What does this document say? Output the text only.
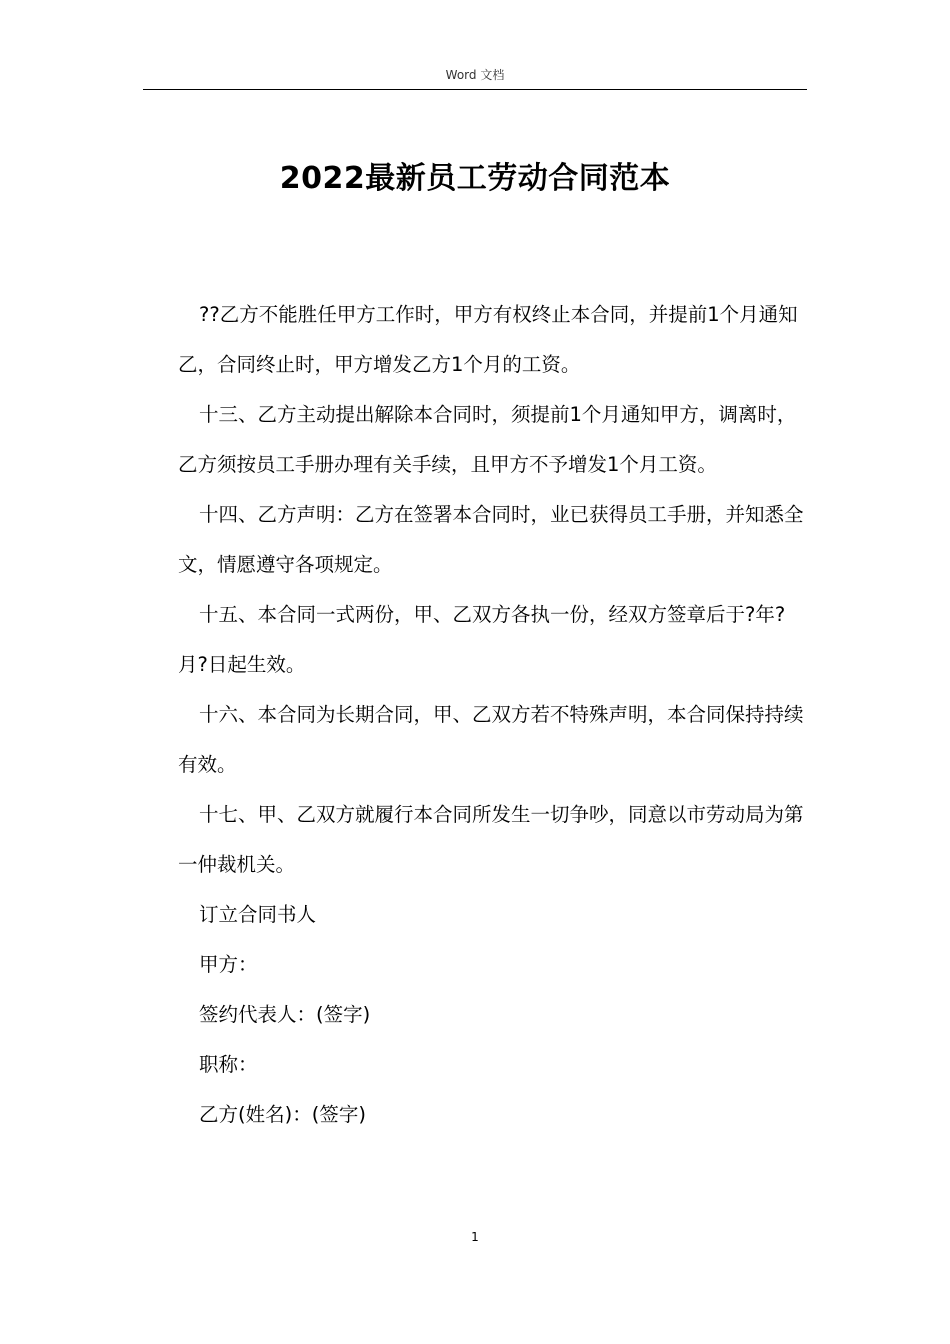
Word 文档
2022最新员工劳动合同范本

??乙方不能胜任甲方工作时，甲方有权终止本合同，并提前1个月通知乙，合同终止时，甲方增发乙方1个月的工资。

十三、乙方主动提出解除本合同时，须提前1个月通知甲方，调离时，乙方须按员工手册办理有关手续，且甲方不予增发1个月工资。

十四、乙方声明：乙方在签署本合同时，业已获得员工手册，并知悉全文，情愿遵守各项规定。

十五、本合同一式两份，甲、乙双方各执一份，经双方签章后于?年?月?日起生效。

十六、本合同为长期合同，甲、乙双方若不特殊声明，本合同保持持续有效。

十七、甲、乙双方就履行本合同所发生一切争吵，同意以市劳动局为第一仲裁机关。

订立合同书人

甲方：

签约代表人：(签字)

职称：

乙方(姓名)：(签字)

1
